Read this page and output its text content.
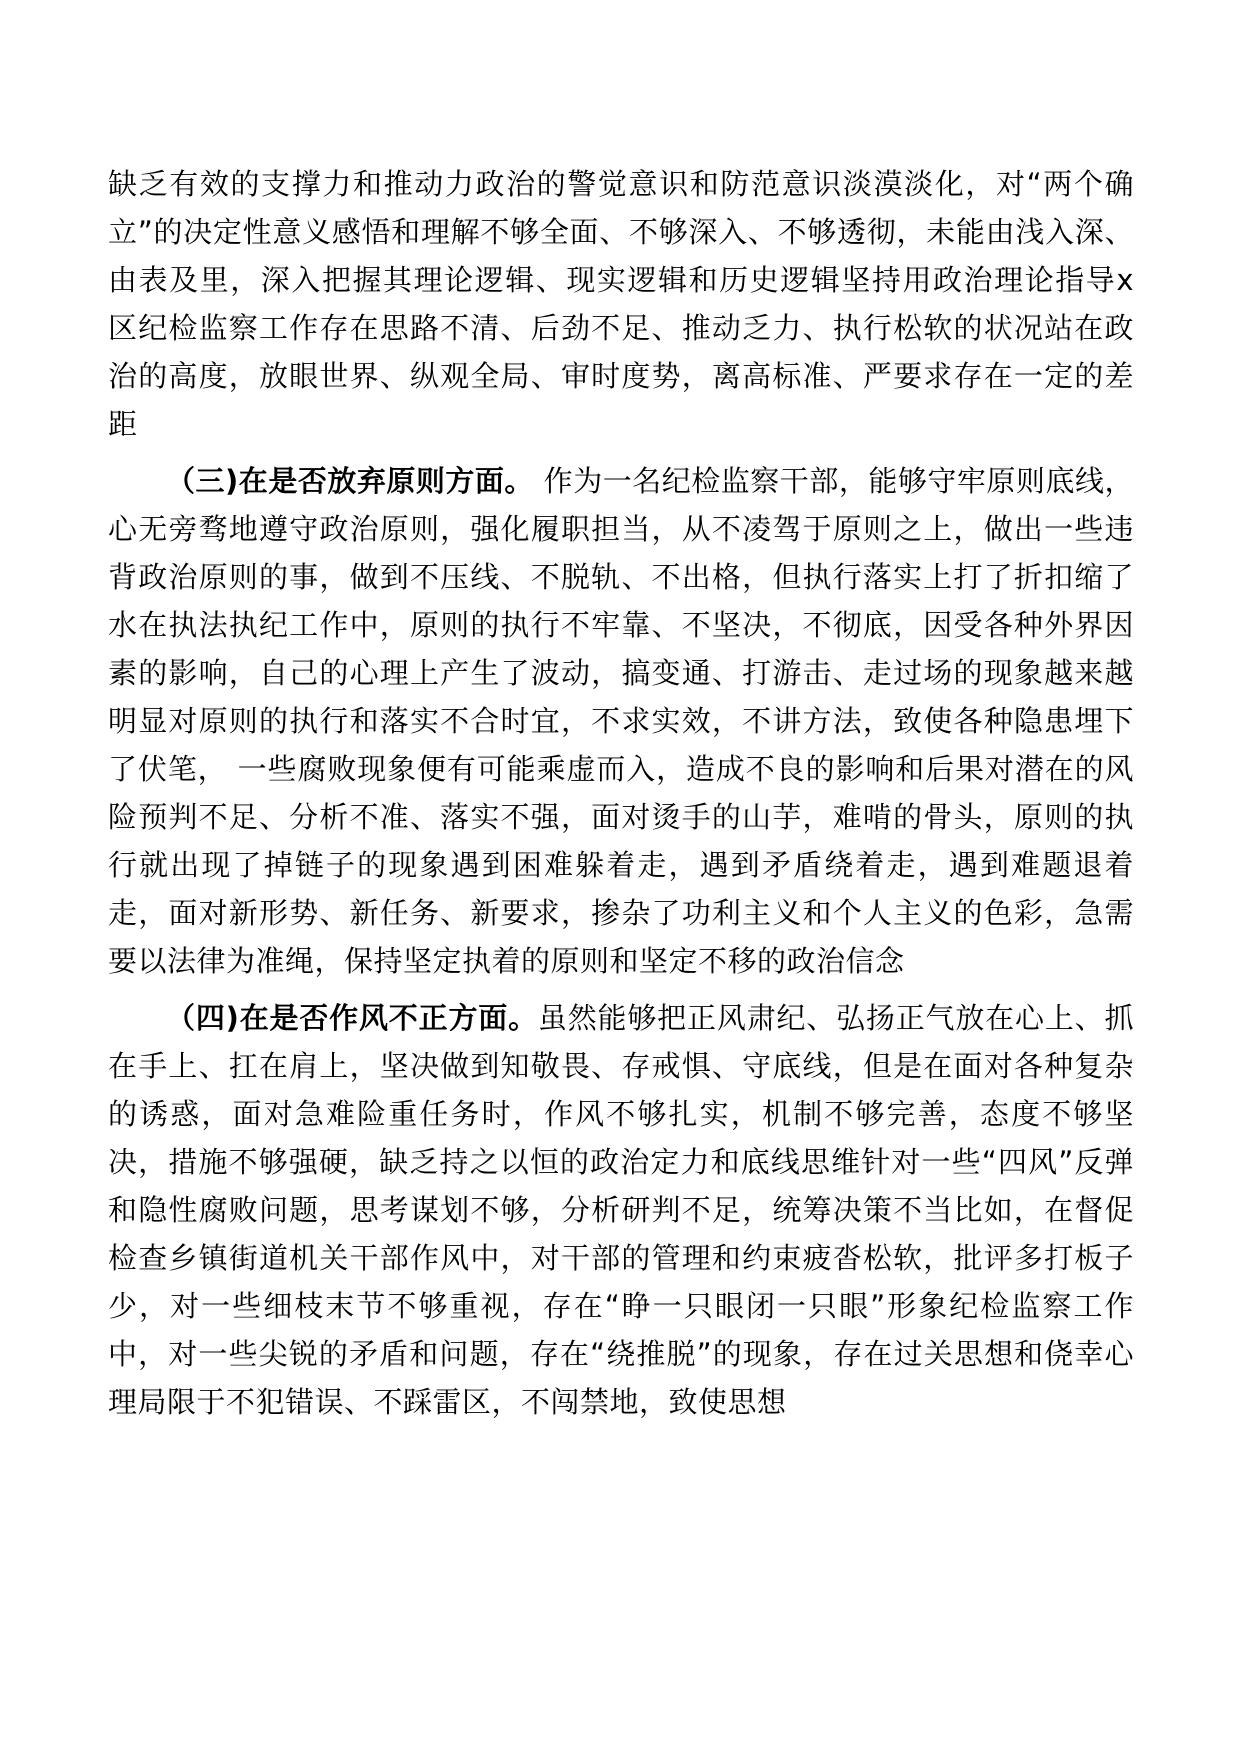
缺乏有效的支撑力和推动力政治的警觉意识和防范意识淡漠淡化，对“两个确立”的决定性意义感悟和理解不够全面、不够深入、不够透彻，未能由浅入深、由表及里，深入把握其理论逻辑、现实逻辑和历史逻辑坚持用政治理论指导x 区纪检监察工作存在思路不清、后劲不足、推动乏力、执行松软的状况站在政治的高度，放眼世界、纵观全局、审时度势，离高标准、严要求存在一定的差距

（三)在是否放弃原则方面。 作为一名纪检监察干部，能够守牢原则底线，心无旁骛地遵守政治原则，强化履职担当，从不凌驾于原则之上，做出一些违背政治原则的事，做到不压线、不脱轨、不出格，但执行落实上打了折扣缩了水在执法执纪工作中，原则的执行不牢靠、不坚决，不彻底，因受各种外界因素的影响，自己的心理上产生了波动，搞变通、打游击、走过场的现象越来越明显对原则的执行和落实不合时宜，不求实效，不讲方法，致使各种隐患埋下了伏笔， 一些腐败现象便有可能乘虚而入，造成不良的影响和后果对潜在的风险预判不足、分析不准、落实不强，面对烫手的山芋，难啃的骨头，原则的执行就出现了掉链子的现象遇到困难躲着走，遇到矛盾绕着走，遇到难题退着走，面对新形势、新任务、新要求，掺杂了功利主义和个人主义的色彩，急需要以法律为准绳，保持坚定执着的原则和坚定不移的政治信念

（四)在是否作风不正方面。虽然能够把正风肃纪、弘扬正气放在心上、抓在手上、扛在肩上，坚决做到知敬畏、存戒惧、守底线，但是在面对各种复杂的诱惑，面对急难险重任务时，作风不够扎实，机制不够完善，态度不够坚决，措施不够强硬，缺乏持之以恒的政治定力和底线思维针对一些“四风”反弹和隐性腐败问题，思考谋划不够，分析研判不足，统筹决策不当比如，在督促检查乡镇街道机关干部作风中，对干部的管理和约束疲沓松软，批评多打板子少，对一些细枝末节不够重视，存在“睁一只眼闭一只眼”形象纪检监察工作中，对一些尖锐的矛盾和问题，存在“绕推脱”的现象，存在过关思想和侥幸心理局限于不犯错误、不踩雷区，不闯禁地，致使思想
